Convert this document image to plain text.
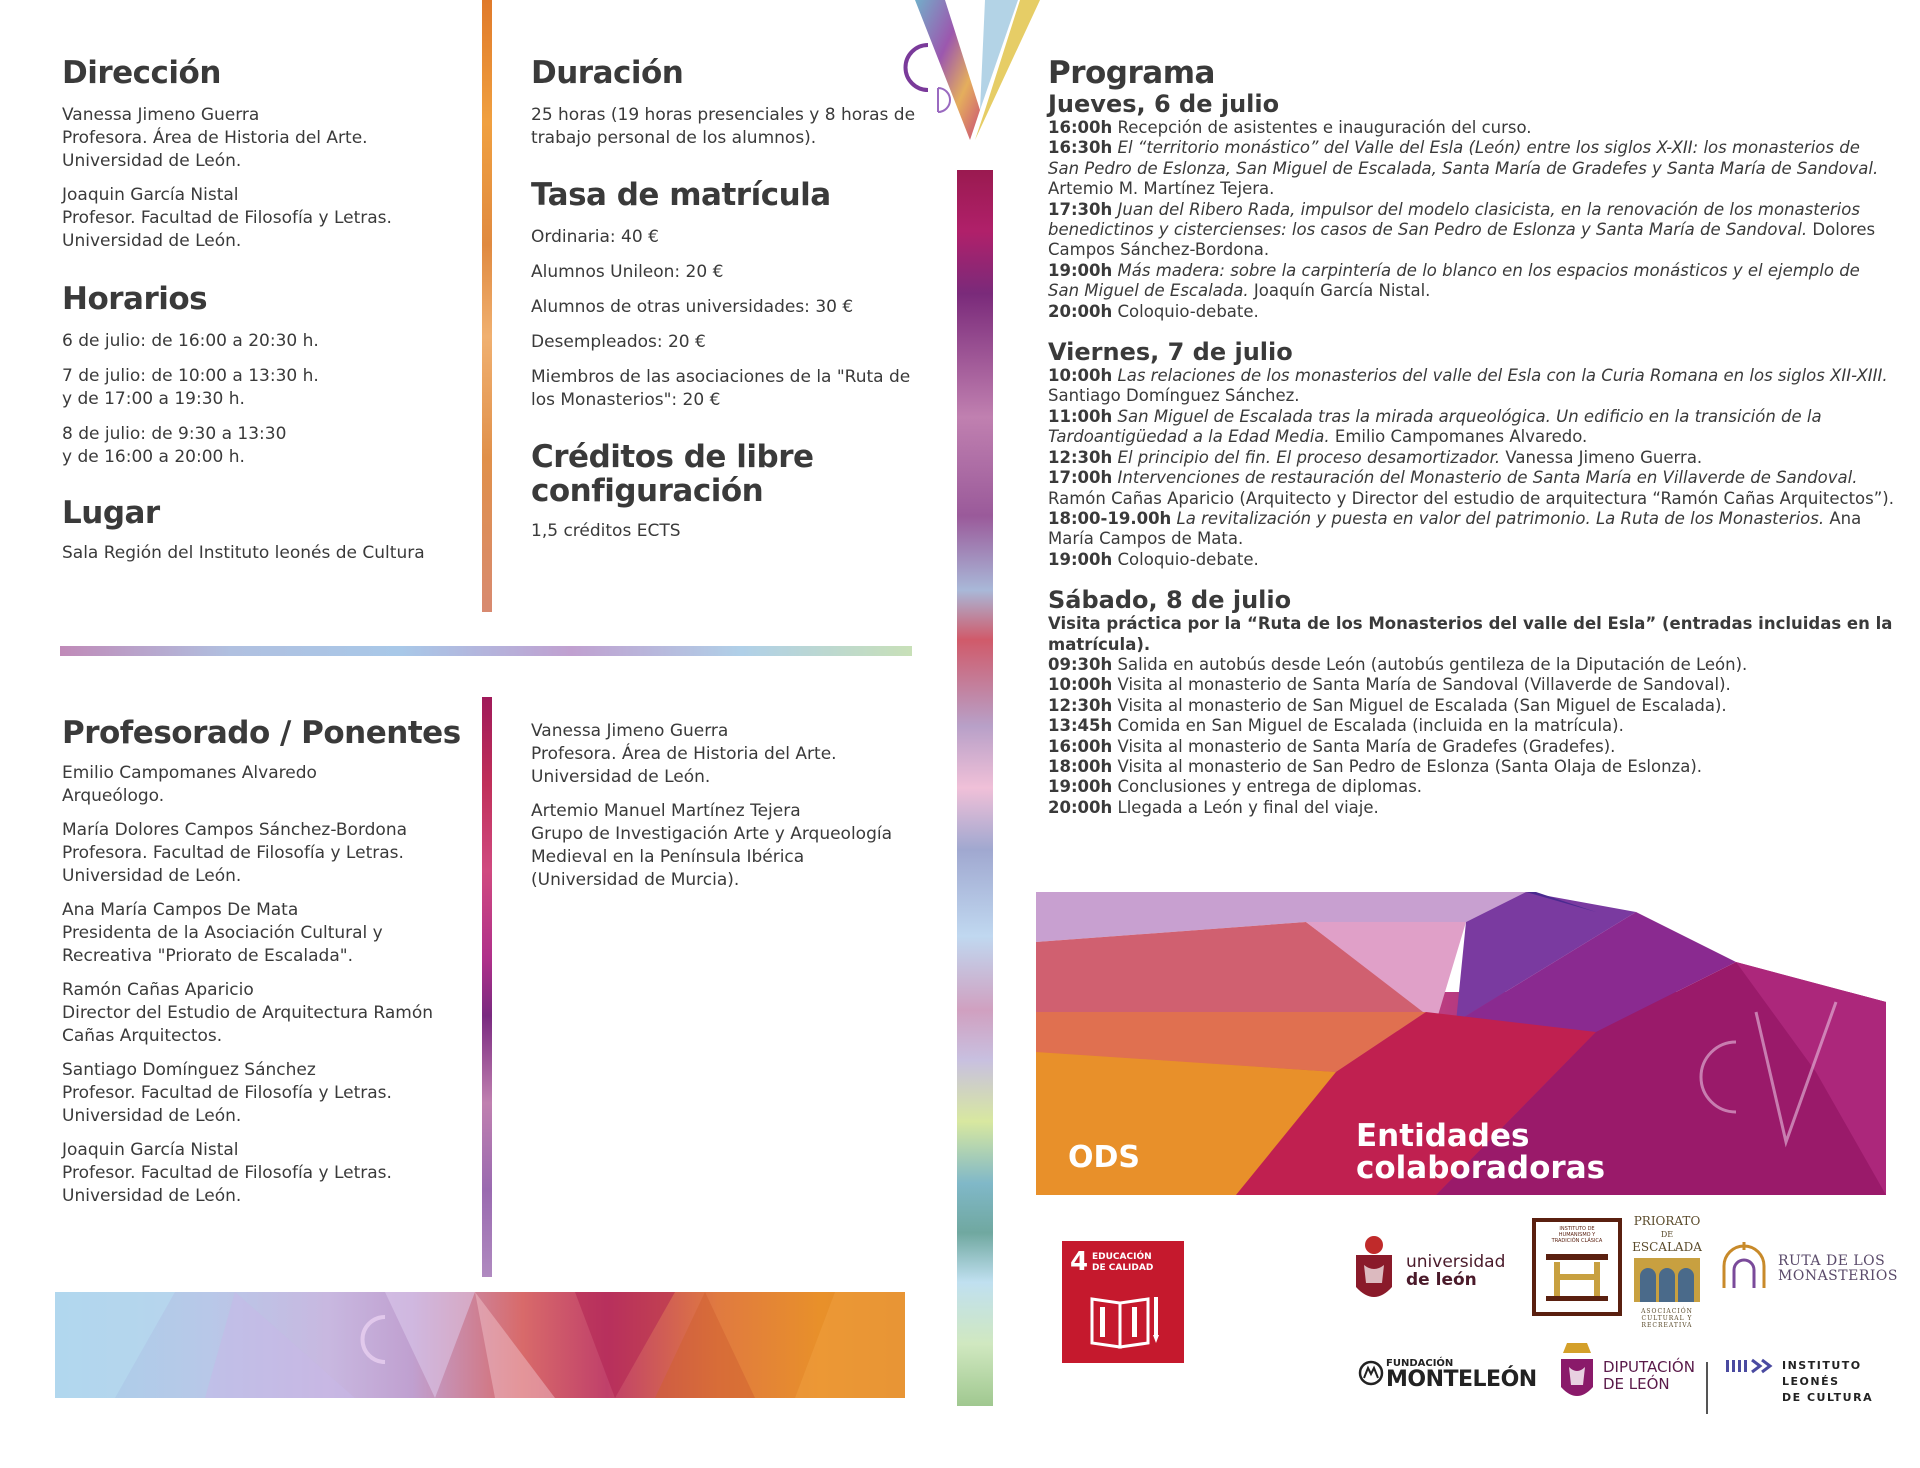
Dirección
Vanessa Jimeno Guerra
Profesora. Área de Historia del Arte.
Universidad de León.
Joaquin García Nistal
Profesor. Facultad de Filosofía y Letras.
Universidad de León.
Horarios
6 de julio: de 16:00 a 20:30 h.
7 de julio: de 10:00 a 13:30 h.
y de 17:00 a 19:30 h.
8 de julio: de 9:30 a 13:30
y de 16:00 a 20:00 h.
Lugar
Sala Región del Instituto leonés de Cultura
Duración
25 horas (19 horas presenciales y 8 horas de
trabajo personal de los alumnos).
Tasa de matrícula
Ordinaria: 40 €
Alumnos Unileon: 20 €
Alumnos de otras universidades: 30 €
Desempleados: 20 €
Miembros de las asociaciones de la "Ruta de
los Monasterios": 20 €
Créditos de libre
configuración
1,5 créditos ECTS
Profesorado / Ponentes
Emilio Campomanes Alvaredo
Arqueólogo.
María Dolores Campos Sánchez-Bordona
Profesora. Facultad de Filosofía y Letras.
Universidad de León.
Ana María Campos De Mata
Presidenta de la Asociación Cultural y
Recreativa "Priorato de Escalada".
Ramón Cañas Aparicio
Director del Estudio de Arquitectura Ramón
Cañas Arquitectos.
Santiago Domínguez Sánchez
Profesor. Facultad de Filosofía y Letras.
Universidad de León.
Joaquin García Nistal
Profesor. Facultad de Filosofía y Letras.
Universidad de León.
Vanessa Jimeno Guerra
Profesora. Área de Historia del Arte.
Universidad de León.
Artemio Manuel Martínez Tejera
Grupo de Investigación Arte y Arqueología
Medieval en la Península Ibérica
(Universidad de Murcia).
Programa
Jueves, 6 de julio

16:00h Recepción de asistentes e inauguración del curso.

16:30h El “territorio monástico” del Valle del Esla (León) entre los siglos X-XII: los monasterios de

San Pedro de Eslonza, San Miguel de Escalada, Santa María de Gradefes y Santa María de Sandoval.

Artemio M. Martínez Tejera.

17:30h Juan del Ribero Rada, impulsor del modelo clasicista, en la renovación de los monasterios

benedictinos y cistercienses: los casos de San Pedro de Eslonza y Santa María de Sandoval. Dolores

Campos Sánchez-Bordona.

19:00h Más madera: sobre la carpintería de lo blanco en los espacios monásticos y el ejemplo de

San Miguel de Escalada. Joaquín García Nistal.

20:00h Coloquio-debate.

Viernes, 7 de julio

10:00h Las relaciones de los monasterios del valle del Esla con la Curia Romana en los siglos XII-XIII.

Santiago Domínguez Sánchez.

11:00h San Miguel de Escalada tras la mirada arqueológica. Un edificio en la transición de la

Tardoantigüedad a la Edad Media. Emilio Campomanes Alvaredo.

12:30h El principio del fin. El proceso desamortizador. Vanessa Jimeno Guerra.

17:00h Intervenciones de restauración del Monasterio de Santa María en Villaverde de Sandoval.

Ramón Cañas Aparicio (Arquitecto y Director del estudio de arquitectura “Ramón Cañas Arquitectos”).

18:00-19.00h La revitalización y puesta en valor del patrimonio. La Ruta de los Monasterios. Ana

María Campos de Mata.

19:00h Coloquio-debate.

Sábado, 8 de julio

Visita práctica por la “Ruta de los Monasterios del valle del Esla” (entradas incluidas en la

matrícula).

09:30h Salida en autobús desde León (autobús gentileza de la Diputación de León).

10:00h Visita al monasterio de Santa María de Sandoval (Villaverde de Sandoval).

12:30h Visita al monasterio de San Miguel de Escalada (San Miguel de Escalada).

13:45h Comida en San Miguel de Escalada (incluida en la matrícula).

16:00h Visita al monasterio de Santa María de Gradefes (Gradefes).

18:00h Visita al monasterio de San Pedro de Eslonza (Santa Olaja de Eslonza).

19:00h Conclusiones y entrega de diplomas.

20:00h Llegada a León y final del viaje.

ODS
Entidades
colaboradoras
4 EDUCACIÓN
DE CALIDAD	universidad
de león
INSTITUTO DE
HUMANISMO Y
TRADICIÓN CLÁSICA
PRIORATO
DE
ESCALADA
ASOCIACIÓN
CULTURAL Y
RECREATIVA
RUTA DE LOS
MONASTERIOS
FUNDACIÓN
MONTELEÓN	DIPUTACIÓN
DE LEÓN
INSTITUTO
LEONÉS
DE CULTURA
